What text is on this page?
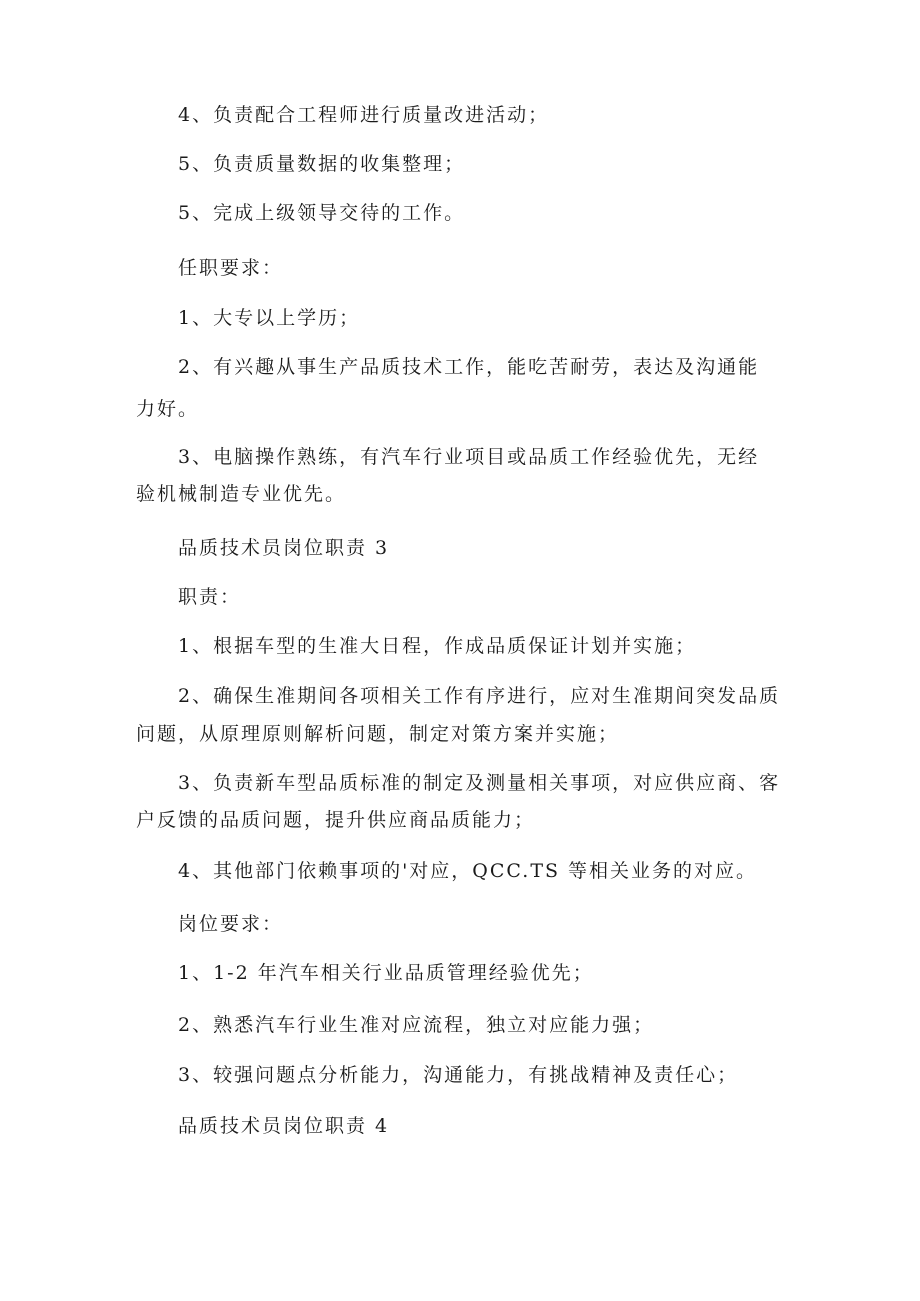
4、负责配合工程师进行质量改进活动；
5、负责质量数据的收集整理；
5、完成上级领导交待的工作。
任职要求：
1、大专以上学历；
2、有兴趣从事生产品质技术工作，能吃苦耐劳，表达及沟通能
力好。
3、电脑操作熟练，有汽车行业项目或品质工作经验优先，无经
验机械制造专业优先。
品质技术员岗位职责 3
职责：
1、根据车型的生准大日程，作成品质保证计划并实施；
2、确保生准期间各项相关工作有序进行，应对生准期间突发品质
问题，从原理原则解析问题，制定对策方案并实施；
3、负责新车型品质标准的制定及测量相关事项，对应供应商、客
户反馈的品质问题，提升供应商品质能力；
4、其他部门依赖事项的'对应，QCC.TS 等相关业务的对应。
岗位要求：
1、1-2 年汽车相关行业品质管理经验优先；
2、熟悉汽车行业生准对应流程，独立对应能力强；
3、较强问题点分析能力，沟通能力，有挑战精神及责任心；
品质技术员岗位职责 4
